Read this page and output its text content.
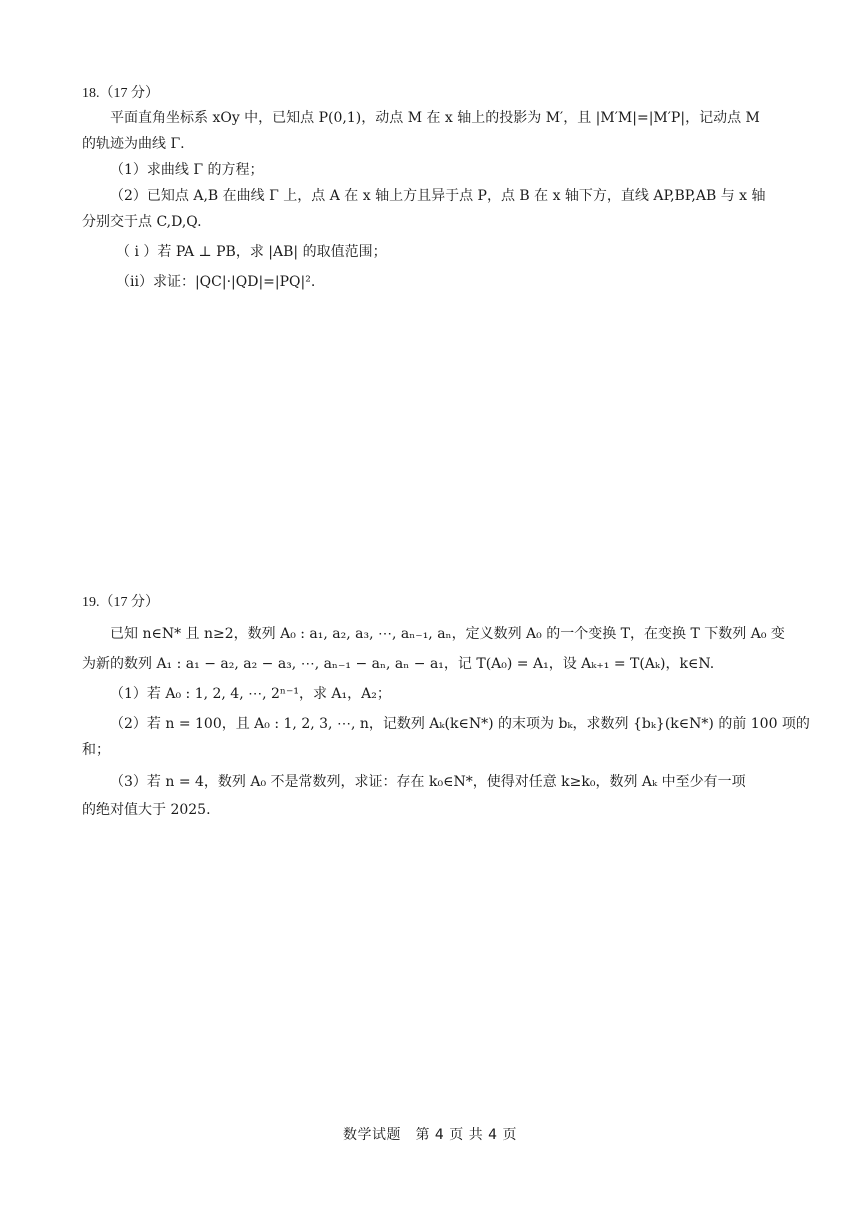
18.（17 分）
平面直角坐标系 xOy 中，已知点 P(0,1)，动点 M 在 x 轴上的投影为 M′，且 |M′M|=|M′P|，记动点 M
的轨迹为曲线 Γ.
（1）求曲线 Γ 的方程；
（2）已知点 A,B 在曲线 Γ 上，点 A 在 x 轴上方且异于点 P，点 B 在 x 轴下方，直线 AP,BP,AB 与 x 轴
分别交于点 C,D,Q.
（ i ）若 PA ⊥ PB，求 |AB| 的取值范围；
（ii）求证：|QC|·|QD|=|PQ|².
19.（17 分）
已知 n∈N* 且 n≥2，数列 A₀ : a₁, a₂, a₃, ⋯, aₙ₋₁, aₙ，定义数列 A₀ 的一个变换 T，在变换 T 下数列 A₀ 变
为新的数列 A₁ : a₁ − a₂, a₂ − a₃, ⋯, aₙ₋₁ − aₙ, aₙ − a₁，记 T(A₀) = A₁，设 Aₖ₊₁ = T(Aₖ)，k∈N.
（1）若 A₀ : 1, 2, 4, ⋯, 2ⁿ⁻¹，求 A₁，A₂；
（2）若 n = 100，且 A₀ : 1, 2, 3, ⋯, n，记数列 Aₖ(k∈N*) 的末项为 bₖ，求数列 {bₖ}(k∈N*) 的前 100 项的
和；
（3）若 n = 4，数列 A₀ 不是常数列，求证：存在 k₀∈N*，使得对任意 k≥k₀，数列 Aₖ 中至少有一项
的绝对值大于 2025.
数学试题　第 4 页 共 4 页
